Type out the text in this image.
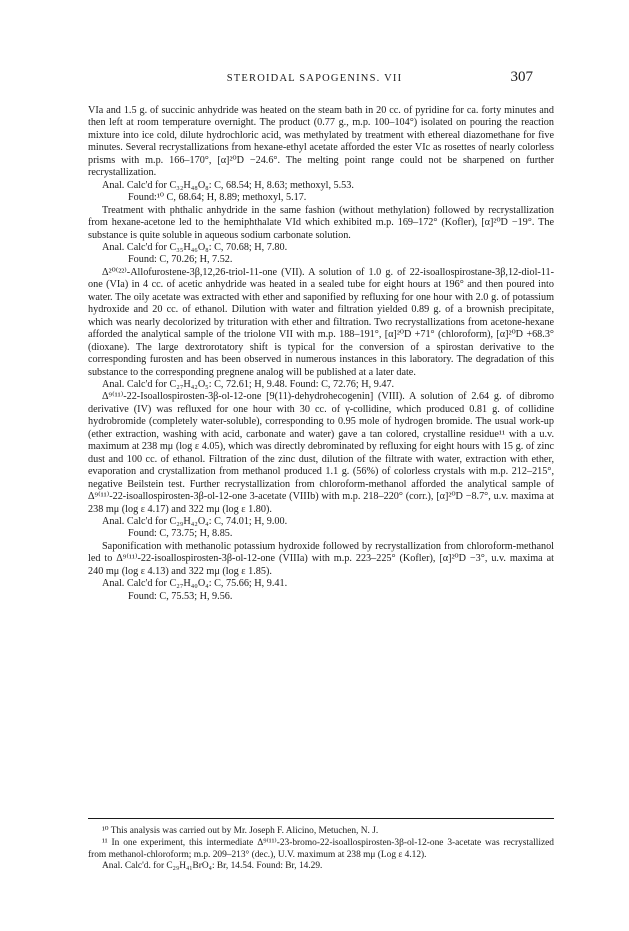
STEROIDAL SAPOGENINS. VII	307

VIa and 1.5 g. of succinic anhydride was heated on the steam bath in 20 cc. of pyridine for ca. forty minutes and then left at room temperature overnight. The product (0.77 g., m.p. 100–104°) isolated on pouring the reaction mixture into ice cold, dilute hydrochloric acid, was methylated by treatment with ethereal diazomethane for five minutes. Several recrystallizations from hexane-ethyl acetate afforded the ester VIc as rosettes of nearly colorless prisms with m.p. 166–170°, [α]²⁰D −24.6°. The melting point range could not be sharpened on further recrystallization.

Anal. Calc'd for C₃₂H₄₈O₈: C, 68.54; H, 8.63; methoxyl, 5.53.

Found:¹⁰ C, 68.64; H, 8.89; methoxyl, 5.17.

Treatment with phthalic anhydride in the same fashion (without methylation) followed by recrystallization from hexane-acetone led to the hemiphthalate VId which exhibited m.p. 169–172° (Kofler), [α]²⁰D −19°. The substance is quite soluble in aqueous sodium carbonate solution.

Anal. Calc'd for C₃₅H₄₆O₈: C, 70.68; H, 7.80.

Found: C, 70.26; H, 7.52.

Δ²⁰⁽²²⁾-Allofurostene-3β,12,26-triol-11-one (VII). A solution of 1.0 g. of 22-isoallospirostane-3β,12-diol-11-one (VIa) in 4 cc. of acetic anhydride was heated in a sealed tube for eight hours at 196° and then poured into water. The oily acetate was extracted with ether and saponified by refluxing for one hour with 2.0 g. of potassium hydroxide and 20 cc. of ethanol. Dilution with water and filtration yielded 0.89 g. of a brownish precipitate, which was nearly decolorized by trituration with ether and filtration. Two recrystallizations from acetone-hexane afforded the analytical sample of the triolone VII with m.p. 188–191°, [α]²⁰D +71° (chloroform), [α]²⁰D +68.3° (dioxane). The large dextrorotatory shift is typical for the conversion of a spirostan derivative to the corresponding furosten and has been observed in numerous instances in this laboratory. The degradation of this substance to the corresponding pregnene analog will be published at a later date.

Anal. Calc'd for C₂₇H₄₂O₅: C, 72.61; H, 9.48. Found: C, 72.76; H, 9.47.

Δ⁹⁽¹¹⁾-22-Isoallospirosten-3β-ol-12-one [9(11)-dehydrohecogenin] (VIII). A solution of 2.64 g. of dibromo derivative (IV) was refluxed for one hour with 30 cc. of γ-collidine, which produced 0.81 g. of collidine hydrobromide (completely water-soluble), corresponding to 0.95 mole of hydrogen bromide. The usual work-up (ether extraction, washing with acid, carbonate and water) gave a tan colored, crystalline residue¹¹ with a u.v. maximum at 238 mμ (log ε 4.05), which was directly debrominated by refluxing for eight hours with 15 g. of zinc dust and 100 cc. of ethanol. Filtration of the zinc dust, dilution of the filtrate with water, extraction with ether, evaporation and crystallization from methanol produced 1.1 g. (56%) of colorless crystals with m.p. 212–215°, negative Beilstein test. Further recrystallization from chloroform-methanol afforded the analytical sample of Δ⁹⁽¹¹⁾-22-isoallospirosten-3β-ol-12-one 3-acetate (VIIIb) with m.p. 218–220° (corr.), [α]²⁰D −8.7°, u.v. maxima at 238 mμ (log ε 4.17) and 322 mμ (log ε 1.80).

Anal. Calc'd for C₂₉H₄₂O₄: C, 74.01; H, 9.00.

Found: C, 73.75; H, 8.85.

Saponification with methanolic potassium hydroxide followed by recrystallization from chloroform-methanol led to Δ⁹⁽¹¹⁾-22-isoallospirosten-3β-ol-12-one (VIIIa) with m.p. 223–225° (Kofler), [α]²⁰D −3°, u.v. maxima at 240 mμ (log ε 4.13) and 322 mμ (log ε 1.85).

Anal. Calc'd for C₂₇H₄₀O₄: C, 75.66; H, 9.41.

Found: C, 75.53; H, 9.56.

¹⁰ This analysis was carried out by Mr. Joseph F. Alicino, Metuchen, N. J.

¹¹ In one experiment, this intermediate Δ⁹⁽¹¹⁾-23-bromo-22-isoallospirosten-3β-ol-12-one 3-acetate was recrystallized from methanol-chloroform; m.p. 209–213° (dec.), U.V. maximum at 238 mμ (Log ε 4.12).

Anal. Calc'd. for C₂₉H₄₁BrO₄: Br, 14.54. Found: Br, 14.29.
